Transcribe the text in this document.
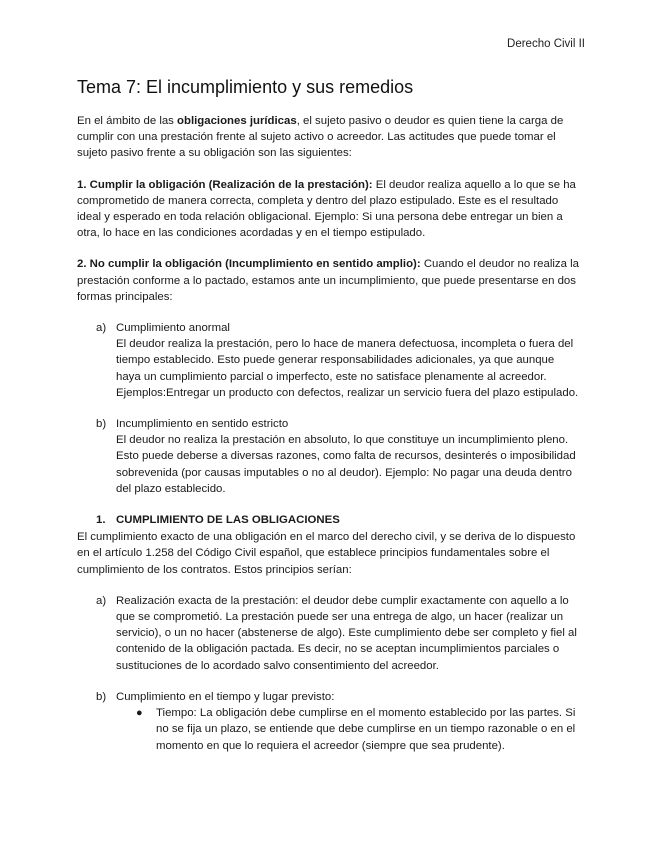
Derecho Civil II
Tema 7: El incumplimiento y sus remedios

En el ámbito de las obligaciones jurídicas, el sujeto pasivo o deudor es quien tiene la carga de cumplir con una prestación frente al sujeto activo o acreedor. Las actitudes que puede tomar el sujeto pasivo frente a su obligación son las siguientes:

1. Cumplir la obligación (Realización de la prestación): El deudor realiza aquello a lo que se ha comprometido de manera correcta, completa y dentro del plazo estipulado. Este es el resultado ideal y esperado en toda relación obligacional. Ejemplo: Si una persona debe entregar un bien a otra, lo hace en las condiciones acordadas y en el tiempo estipulado.

2. No cumplir la obligación (Incumplimiento en sentido amplio): Cuando el deudor no realiza la prestación conforme a lo pactado, estamos ante un incumplimiento, que puede presentarse en dos formas principales:

a) Cumplimiento anormal
El deudor realiza la prestación, pero lo hace de manera defectuosa, incompleta o fuera del tiempo establecido. Esto puede generar responsabilidades adicionales, ya que aunque haya un cumplimiento parcial o imperfecto, este no satisface plenamente al acreedor. Ejemplos:Entregar un producto con defectos, realizar un servicio fuera del plazo estipulado.
b) Incumplimiento en sentido estricto
El deudor no realiza la prestación en absoluto, lo que constituye un incumplimiento pleno. Esto puede deberse a diversas razones, como falta de recursos, desinterés o imposibilidad sobrevenida (por causas imputables o no al deudor). Ejemplo: No pagar una deuda dentro del plazo establecido.
1. CUMPLIMIENTO DE LAS OBLIGACIONES

El cumplimiento exacto de una obligación en el marco del derecho civil, y se deriva de lo dispuesto en el artículo 1.258 del Código Civil español, que establece principios fundamentales sobre el cumplimiento de los contratos. Estos principios serían:

a) Realización exacta de la prestación: el deudor debe cumplir exactamente con aquello a lo que se comprometió. La prestación puede ser una entrega de algo, un hacer (realizar un servicio), o un no hacer (abstenerse de algo). Este cumplimiento debe ser completo y fiel al contenido de la obligación pactada. Es decir, no se aceptan incumplimientos parciales o sustituciones de lo acordado salvo consentimiento del acreedor.
b) Cumplimiento en el tiempo y lugar previsto:
● Tiempo: La obligación debe cumplirse en el momento establecido por las partes. Si no se fija un plazo, se entiende que debe cumplirse en un tiempo razonable o en el momento en que lo requiera el acreedor (siempre que sea prudente).
